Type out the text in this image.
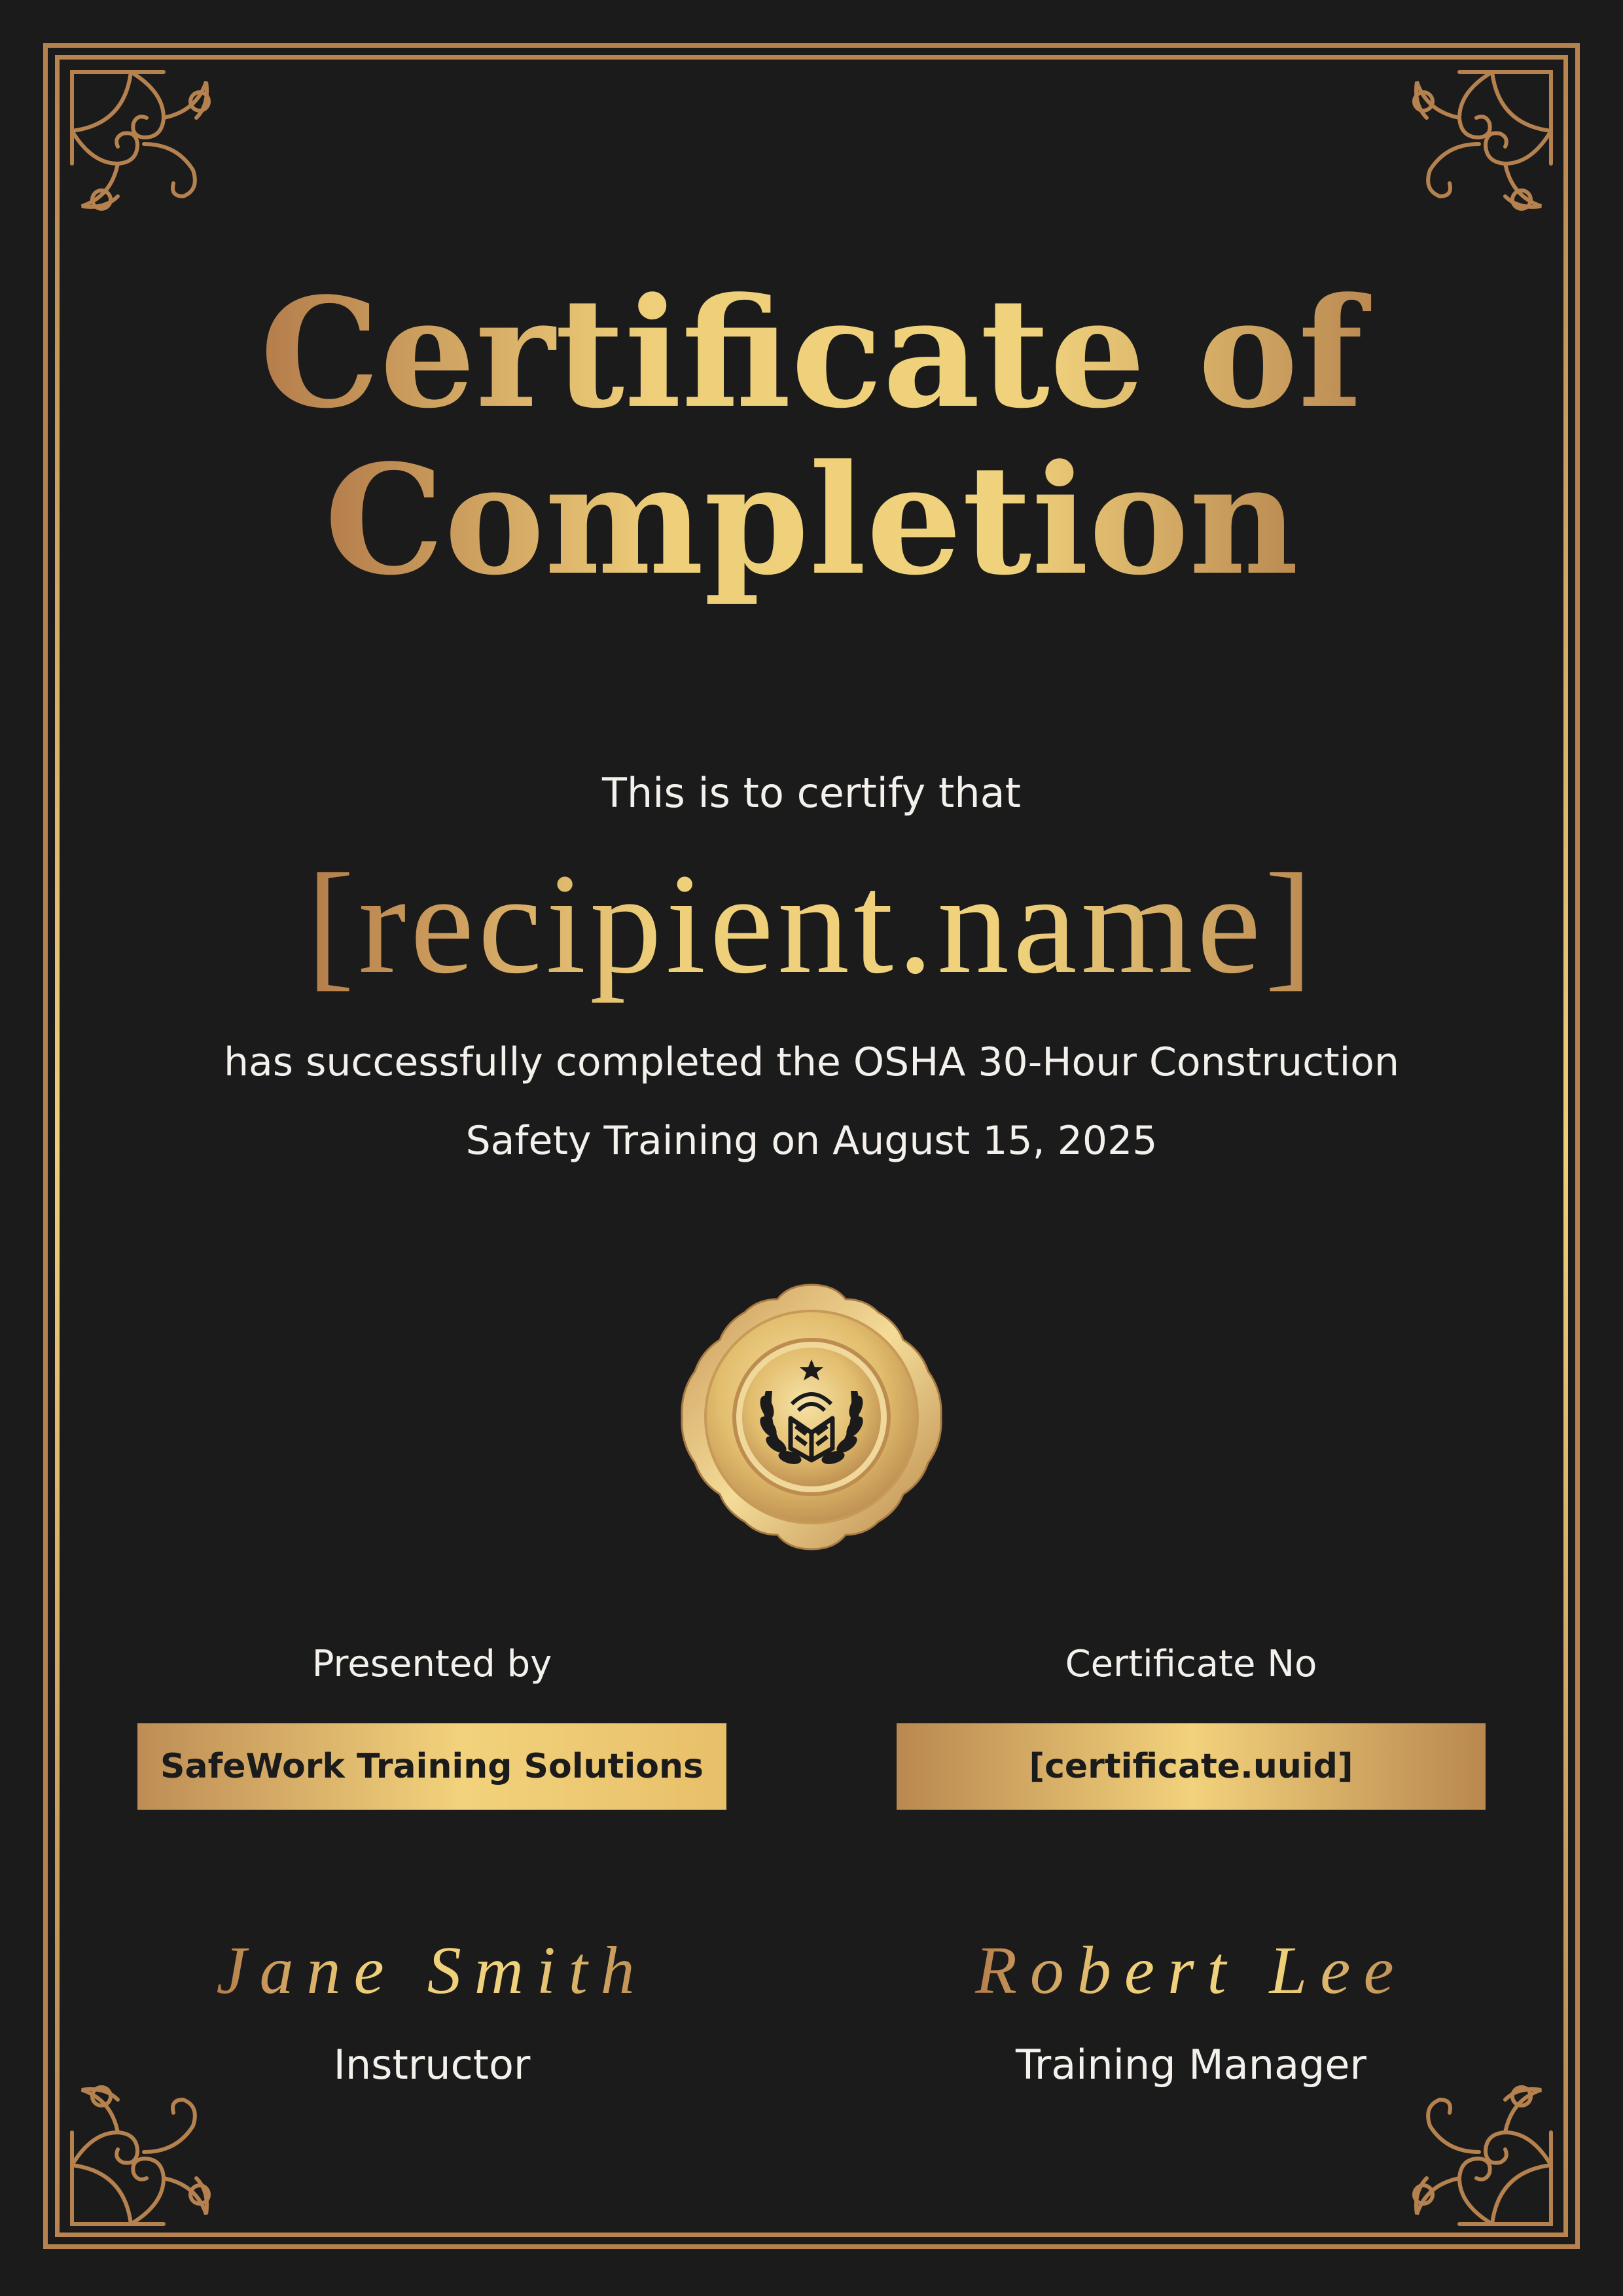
Certificate of
Completion
This is to certify that
[recipient.name]
has successfully completed the OSHA 30-Hour Construction
Safety Training on August 15, 2025
Presented by	Certificate No
SafeWork Training Solutions	[certificate.uuid]
Jane Smith	Robert Lee
Instructor	Training Manager
